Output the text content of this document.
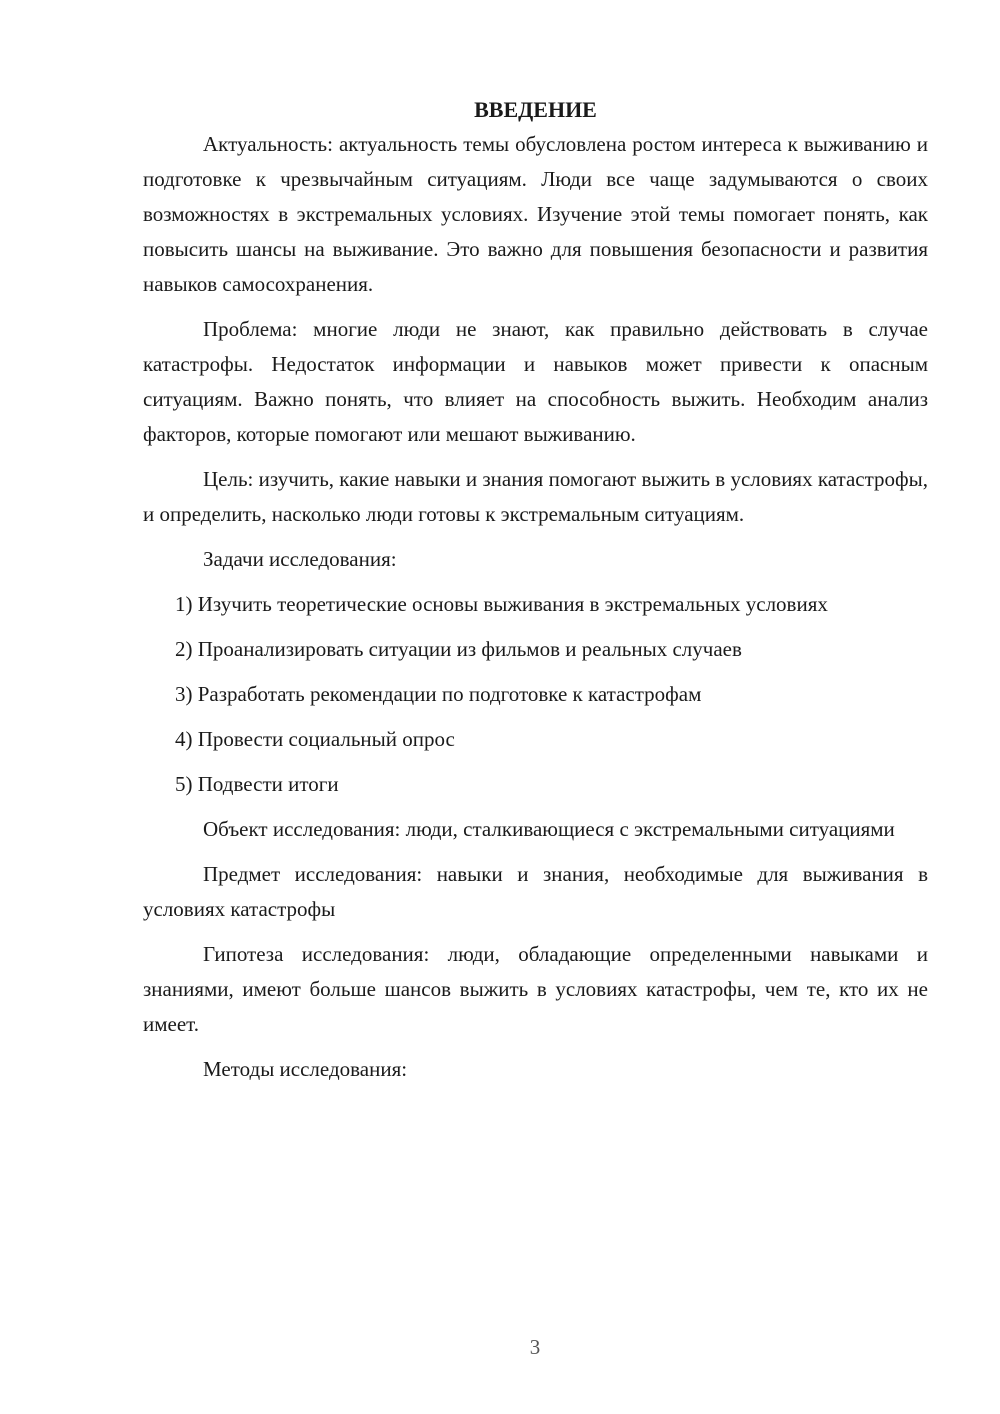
ВВЕДЕНИЕ

Актуальность: актуальность темы обусловлена ростом интереса к выживанию и подготовке к чрезвычайным ситуациям. Люди все чаще задумываются о своих возможностях в экстремальных условиях. Изучение этой темы помогает понять, как повысить шансы на выживание. Это важно для повышения безопасности и развития навыков самосохранения.

Проблема: многие люди не знают, как правильно действовать в случае катастрофы. Недостаток информации и навыков может привести к опасным ситуациям. Важно понять, что влияет на способность выжить. Необходим анализ факторов, которые помогают или мешают выживанию.

Цель: изучить, какие навыки и знания помогают выжить в условиях катастрофы, и определить, насколько люди готовы к экстремальным ситуациям.

Задачи исследования:

1) Изучить теоретические основы выживания в экстремальных условиях

2) Проанализировать ситуации из фильмов и реальных случаев

3) Разработать рекомендации по подготовке к катастрофам

4) Провести социальный опрос

5) Подвести итоги

Объект исследования: люди, сталкивающиеся с экстремальными ситуациями

Предмет исследования: навыки и знания, необходимые для выживания в условиях катастрофы

Гипотеза исследования: люди, обладающие определенными навыками и знаниями, имеют больше шансов выжить в условиях катастрофы, чем те, кто их не имеет.

Методы исследования:

3
